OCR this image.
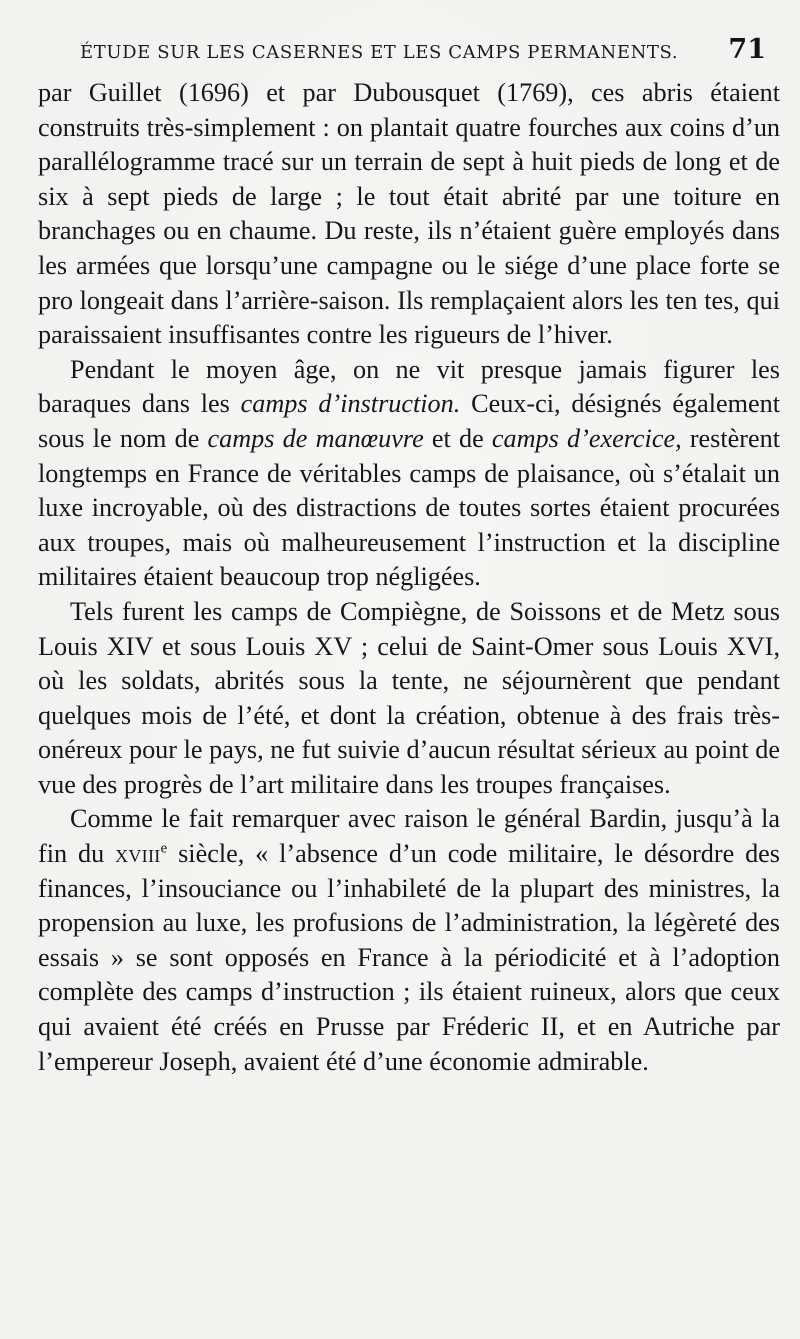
ÉTUDE SUR LES CASERNES ET LES CAMPS PERMANENTS. 71

par Guillet (1696) et par Dubousquet (1769), ces abris étaient construits très-simplement : on plantait quatre fourches aux coins d’un parallélogramme tracé sur un terrain de sept à huit pieds de long et de six à sept pieds de large ; le tout était abrité par une toiture en branchages ou en chaume. Du reste, ils n’étaient guère employés dans les armées que lorsqu’une campagne ou le siége d’une place forte se pro longeait dans l’arrière-saison. Ils remplaçaient alors les ten tes, qui paraissaient insuffisantes contre les rigueurs de l’hiver.

Pendant le moyen âge, on ne vit presque jamais figurer les baraques dans les camps d’instruction. Ceux-ci, désignés également sous le nom de camps de manœuvre et de camps d’exercice, restèrent longtemps en France de véritables camps de plaisance, où s’étalait un luxe incroyable, où des distractions de toutes sortes étaient procurées aux troupes, mais où malheureusement l’instruction et la discipline militaires étaient beaucoup trop négligées.

Tels furent les camps de Compiègne, de Soissons et de Metz sous Louis XIV et sous Louis XV ; celui de Saint-Omer sous Louis XVI, où les soldats, abrités sous la tente, ne séjournèrent que pendant quelques mois de l’été, et dont la création, obtenue à des frais très-onéreux pour le pays, ne fut suivie d’aucun résultat sérieux au point de vue des progrès de l’art militaire dans les troupes françaises.

Comme le fait remarquer avec raison le général Bardin, jusqu’à la fin du xviii$^e$ siècle, « l’absence d’un code militaire, le désordre des finances, l’insouciance ou l’inhabileté de la plupart des ministres, la propension au luxe, les profusions de l’administration, la légèreté des essais » se sont opposés en France à la périodicité et à l’adoption complète des camps d’instruction ; ils étaient ruineux, alors que ceux qui avaient été créés en Prusse par Fréderic II, et en Autriche par l’empereur Joseph, avaient été d’une économie admirable.
